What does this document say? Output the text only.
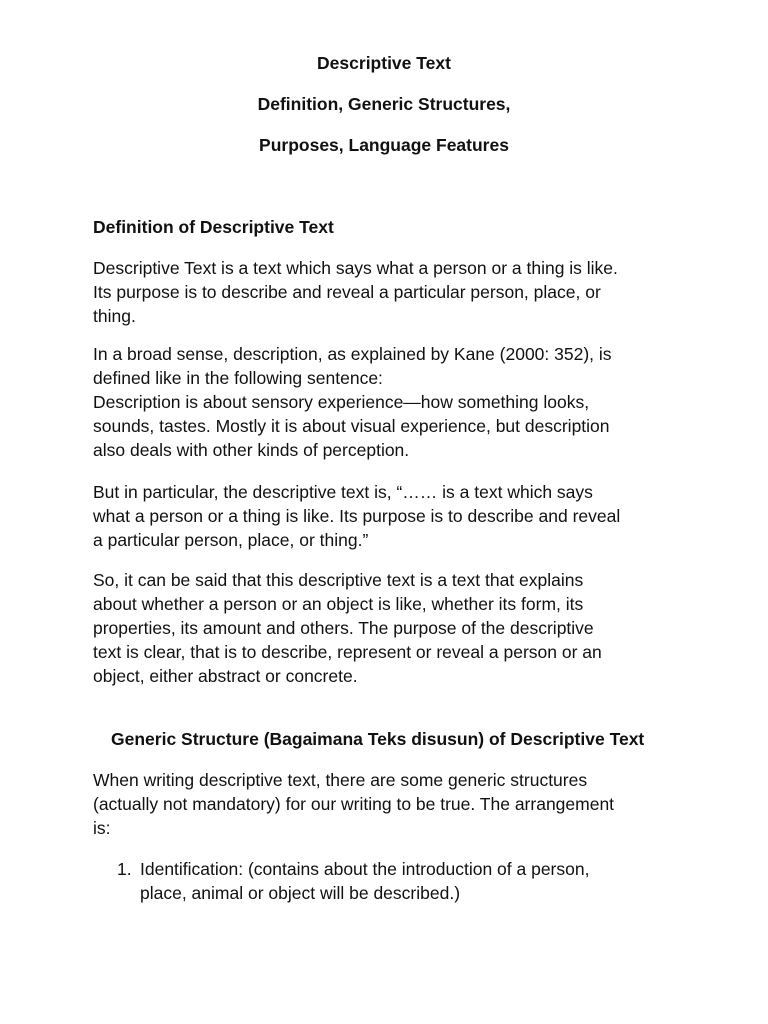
Descriptive Text
Definition, Generic Structures,
Purposes, Language Features
Definition of Descriptive Text
Descriptive Text is a text which says what a person or a thing is like.
Its purpose is to describe and reveal a particular person, place, or
thing.
In a broad sense, description, as explained by Kane (2000: 352), is
defined like in the following sentence:
Description is about sensory experience—how something looks,
sounds, tastes. Mostly it is about visual experience, but description
also deals with other kinds of perception.
But in particular, the descriptive text is, “…… is a text which says
what a person or a thing is like. Its purpose is to describe and reveal
a particular person, place, or thing.”
So, it can be said that this descriptive text is a text that explains
about whether a person or an object is like, whether its form, its
properties, its amount and others. The purpose of the descriptive
text is clear, that is to describe, represent or reveal a person or an
object, either abstract or concrete.
Generic Structure (Bagaimana Teks disusun) of Descriptive Text
When writing descriptive text, there are some generic structures
(actually not mandatory) for our writing to be true. The arrangement
is:
1. Identification: (contains about the introduction of a person,
place, animal or object will be described.)
